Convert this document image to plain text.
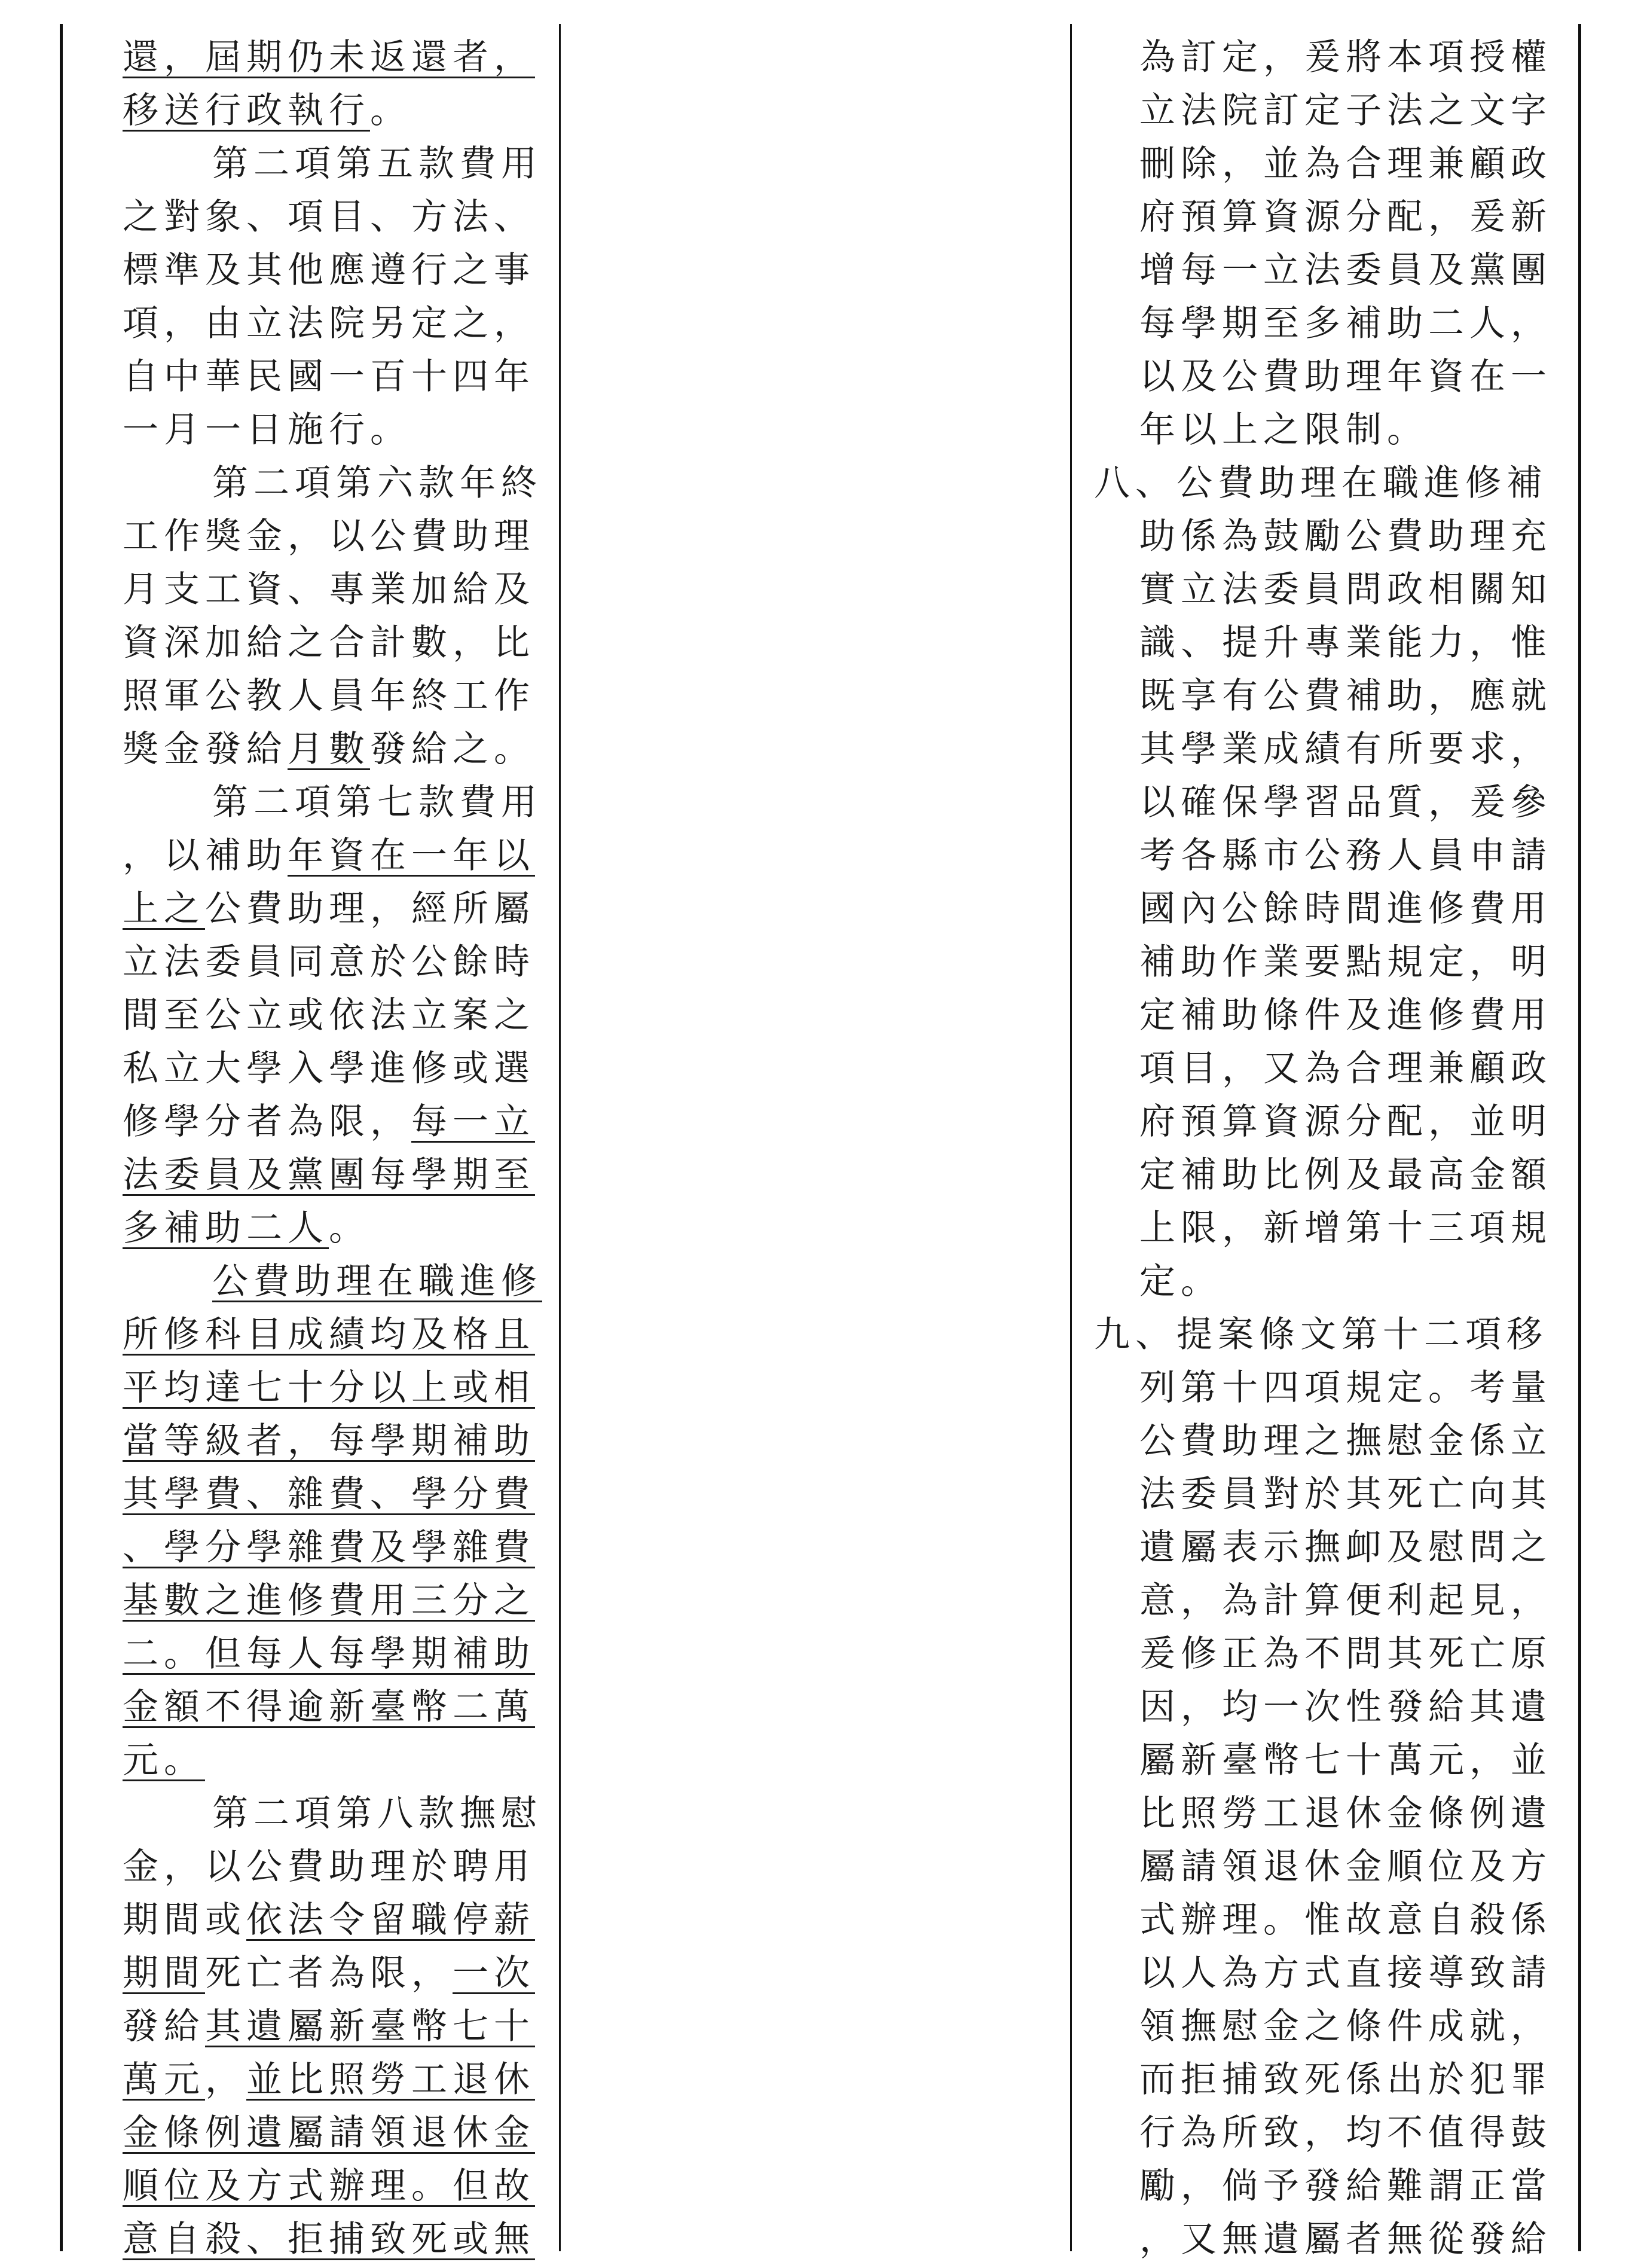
還，屆期仍未返還者，
移送行政執行。
第二項第五款費用
之對象、項目、方法、
標準及其他應遵行之事
項，由立法院另定之，
自中華民國一百十四年
一月一日施行。
第二項第六款年終
工作獎金，以公費助理
月支工資、專業加給及
資深加給之合計數，比
照軍公教人員年終工作
獎金發給月數發給之。
第二項第七款費用
，以補助年資在一年以
上之公費助理，經所屬
立法委員同意於公餘時
間至公立或依法立案之
私立大學入學進修或選
修學分者為限，每一立
法委員及黨團每學期至
多補助二人。
公費助理在職進修
所修科目成績均及格且
平均達七十分以上或相
當等級者，每學期補助
其學費、雜費、學分費
、學分學雜費及學雜費
基數之進修費用三分之
二。但每人每學期補助
金額不得逾新臺幣二萬
元。
第二項第八款撫慰
金，以公費助理於聘用
期間或依法令留職停薪
期間死亡者為限，一次
發給其遺屬新臺幣七十
萬元，並比照勞工退休
金條例遺屬請領退休金
順位及方式辦理。但故
意自殺、拒捕致死或無
為訂定，爰將本項授權
立法院訂定子法之文字
刪除，並為合理兼顧政
府預算資源分配，爰新
增每一立法委員及黨團
每學期至多補助二人，
以及公費助理年資在一
年以上之限制。
八、公費助理在職進修補
助係為鼓勵公費助理充
實立法委員問政相關知
識、提升專業能力，惟
既享有公費補助，應就
其學業成績有所要求，
以確保學習品質，爰參
考各縣市公務人員申請
國內公餘時間進修費用
補助作業要點規定，明
定補助條件及進修費用
項目，又為合理兼顧政
府預算資源分配，並明
定補助比例及最高金額
上限，新增第十三項規
定。
九、提案條文第十二項移
列第十四項規定。考量
公費助理之撫慰金係立
法委員對於其死亡向其
遺屬表示撫卹及慰問之
意，為計算便利起見，
爰修正為不問其死亡原
因，均一次性發給其遺
屬新臺幣七十萬元，並
比照勞工退休金條例遺
屬請領退休金順位及方
式辦理。惟故意自殺係
以人為方式直接導致請
領撫慰金之條件成就，
而拒捕致死係出於犯罪
行為所致，均不值得鼓
勵，倘予發給難謂正當
，又無遺屬者無從發給
